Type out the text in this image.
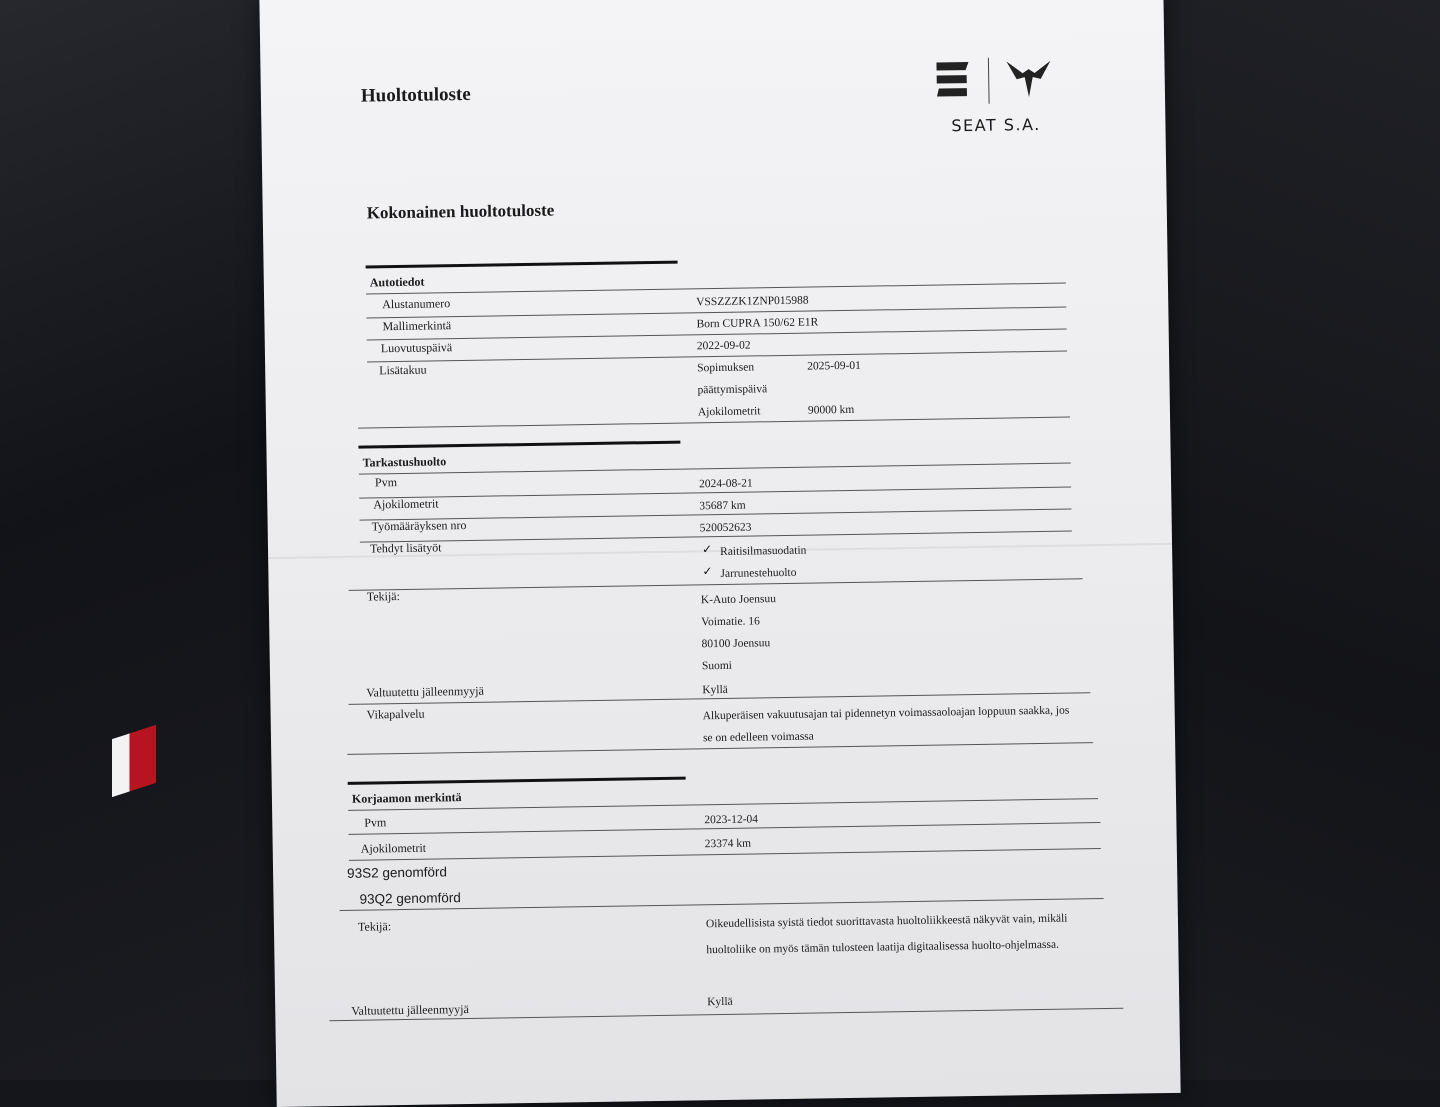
Huoltotuloste
SEAT S.A.
Kokonainen huoltotuloste
Autotiedot
Alustanumero	VSSZZZK1ZNP015988
Mallimerkintä	Born CUPRA 150/62 E1R
Luovutuspäivä	2022-09-02
Lisätakuu	Sopimuksen	2025-09-01
päättymispäivä
Ajokilometrit	90000 km
Tarkastushuolto
Pvm	2024-08-21
Ajokilometrit	35687 km
Työmääräyksen nro	520052623
Tehdyt lisätyöt	✓ Raitisilmasuodatin
✓ Jarrunestehuolto
Tekijä:	K-Auto Joensuu
Voimatie. 16
80100 Joensuu
Suomi
Valtuutettu jälleenmyyjä	Kyllä
Vikapalvelu	Alkuperäisen vakuutusajan tai pidennetyn voimassaoloajan loppuun saakka, jos
se on edelleen voimassa
Korjaamon merkintä
Pvm	2023-12-04
Ajokilometrit	23374 km
93S2 genomförd
93Q2 genomförd
Tekijä:	Oikeudellisista syistä tiedot suorittavasta huoltoliikkeestä näkyvät vain, mikäli
huoltoliike on myös tämän tulosteen laatija digitaalisessa huolto-ohjelmassa.
Valtuutettu jälleenmyyjä	Kyllä
